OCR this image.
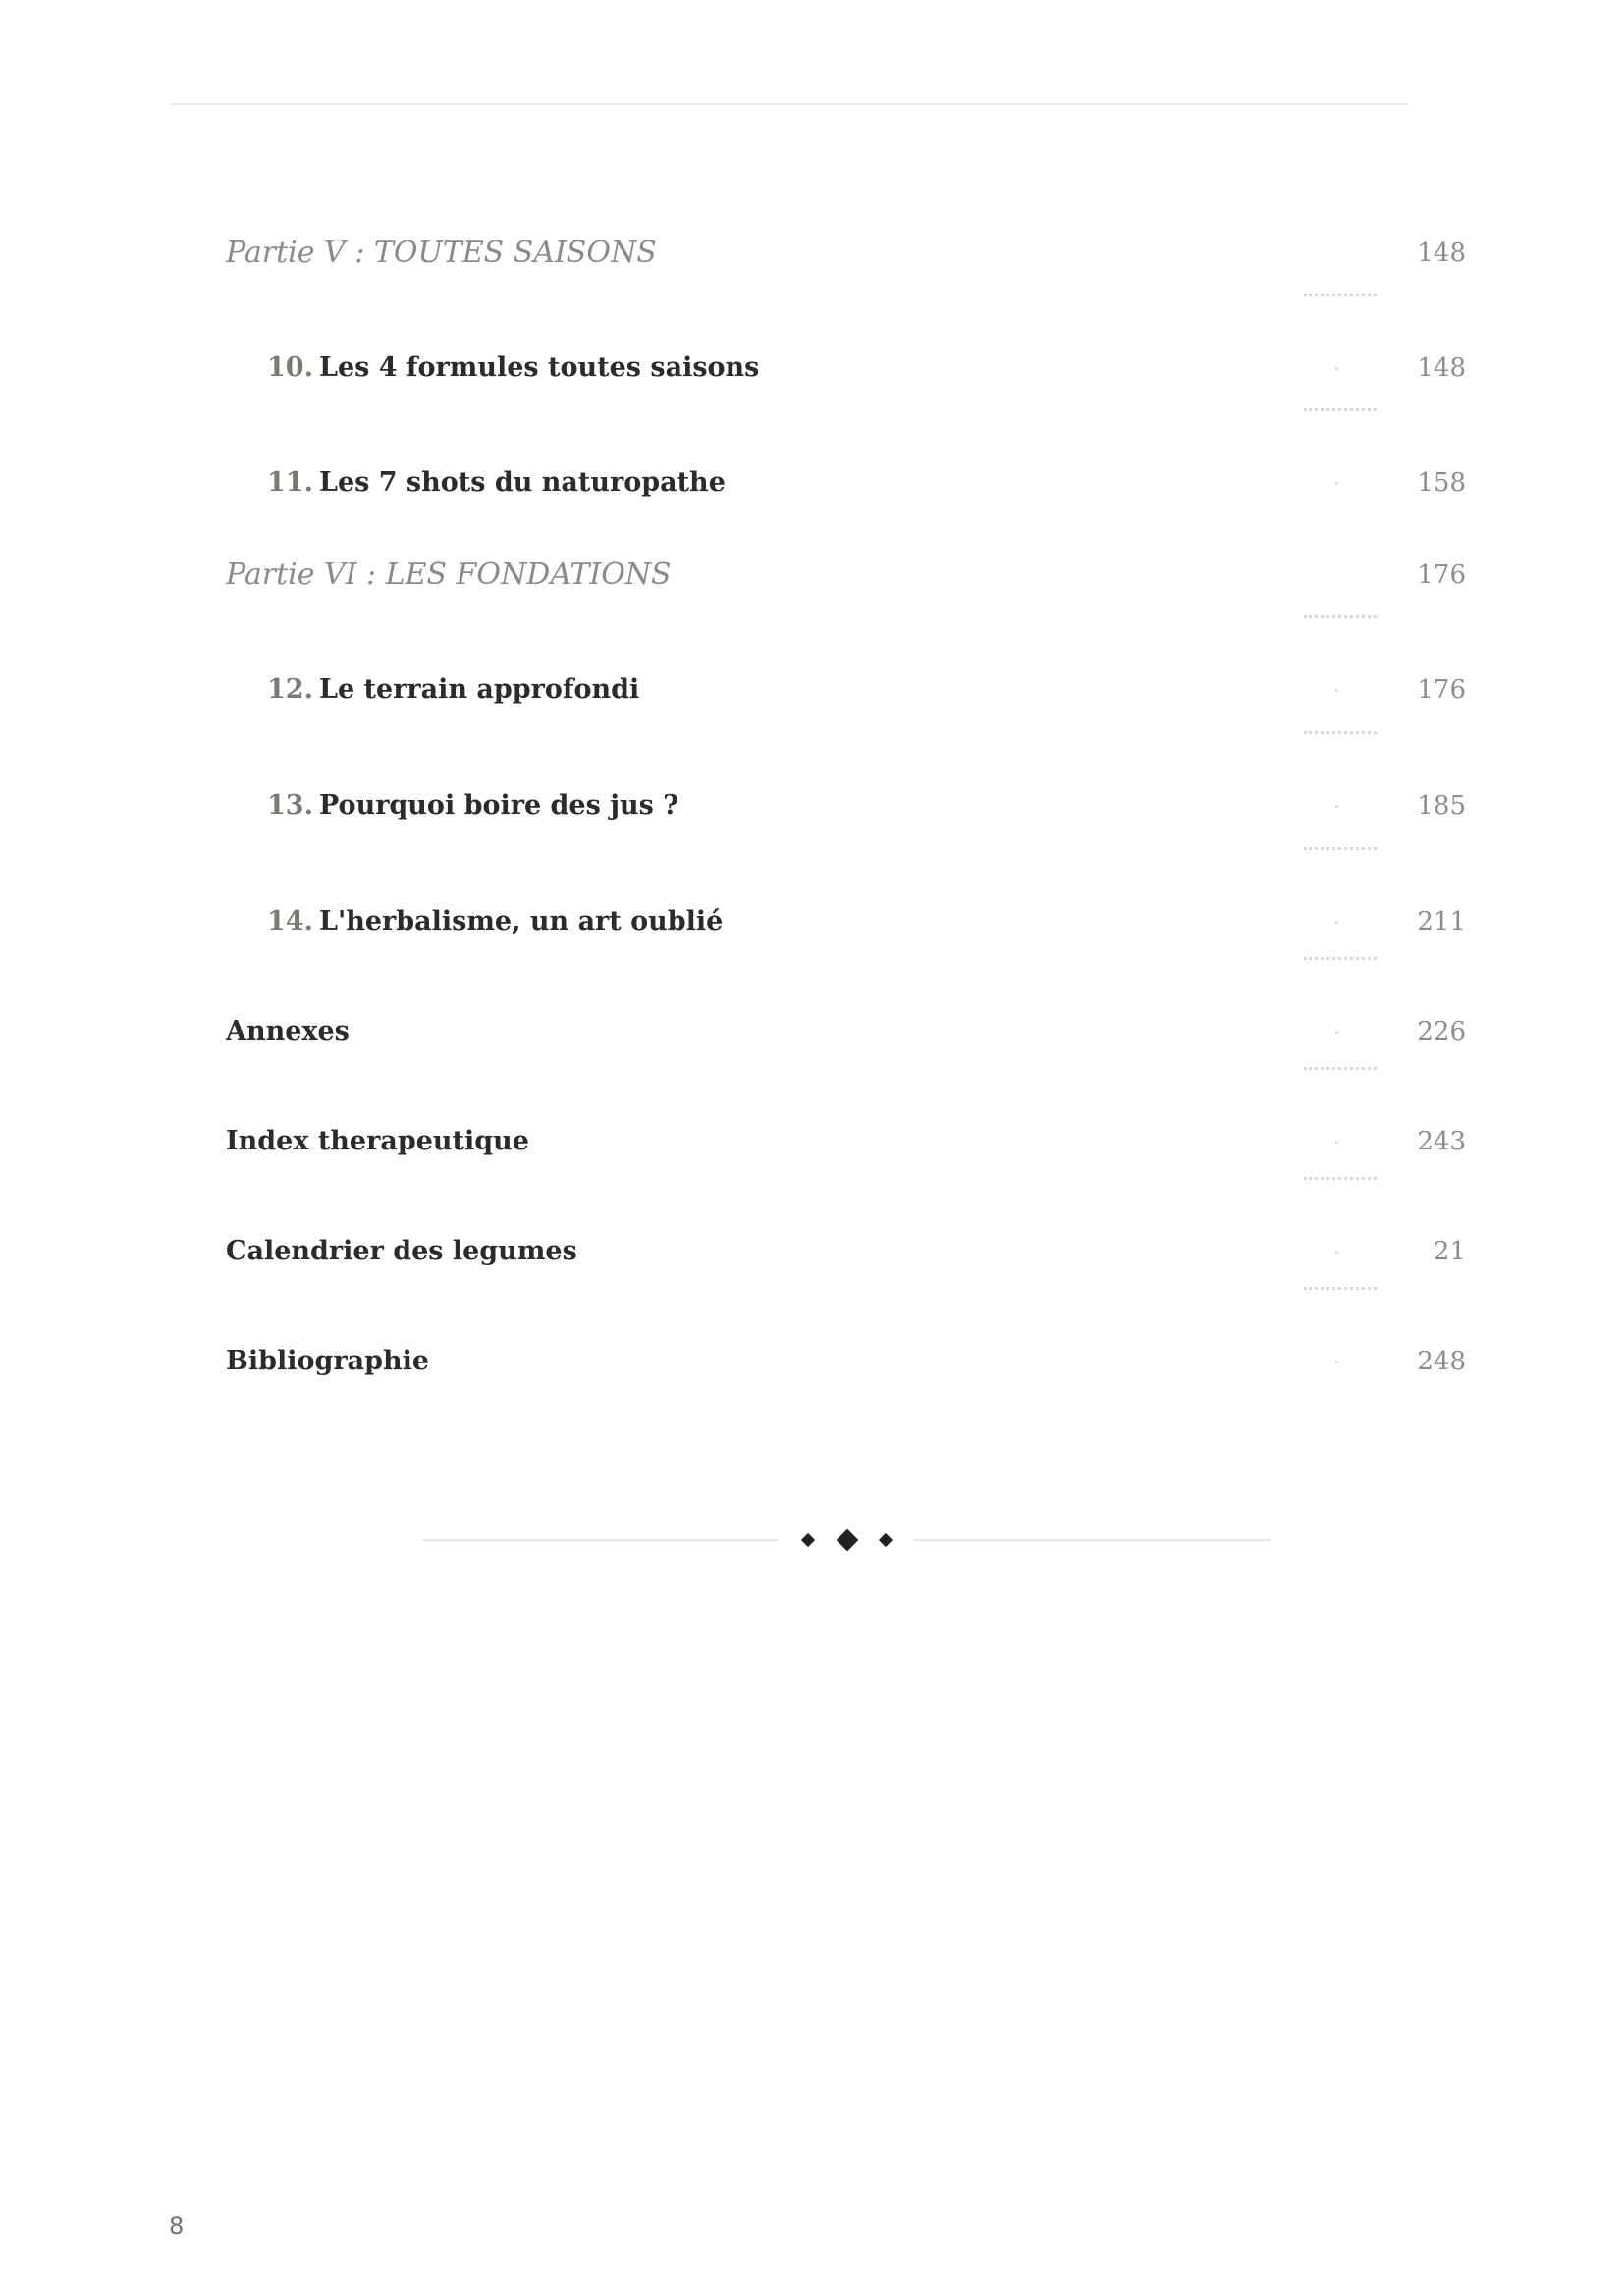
Partie V : TOUTES SAISONS	148
10. Les 4 formules toutes saisons	148
11. Les 7 shots du naturopathe	158
Partie VI : LES FONDATIONS	176
12. Le terrain approfondi	176
13. Pourquoi boire des jus ?	185
14. L'herbalisme, un art oublié	211
Annexes	226
Index therapeutique	243
Calendrier des legumes	21
Bibliographie	248
8
